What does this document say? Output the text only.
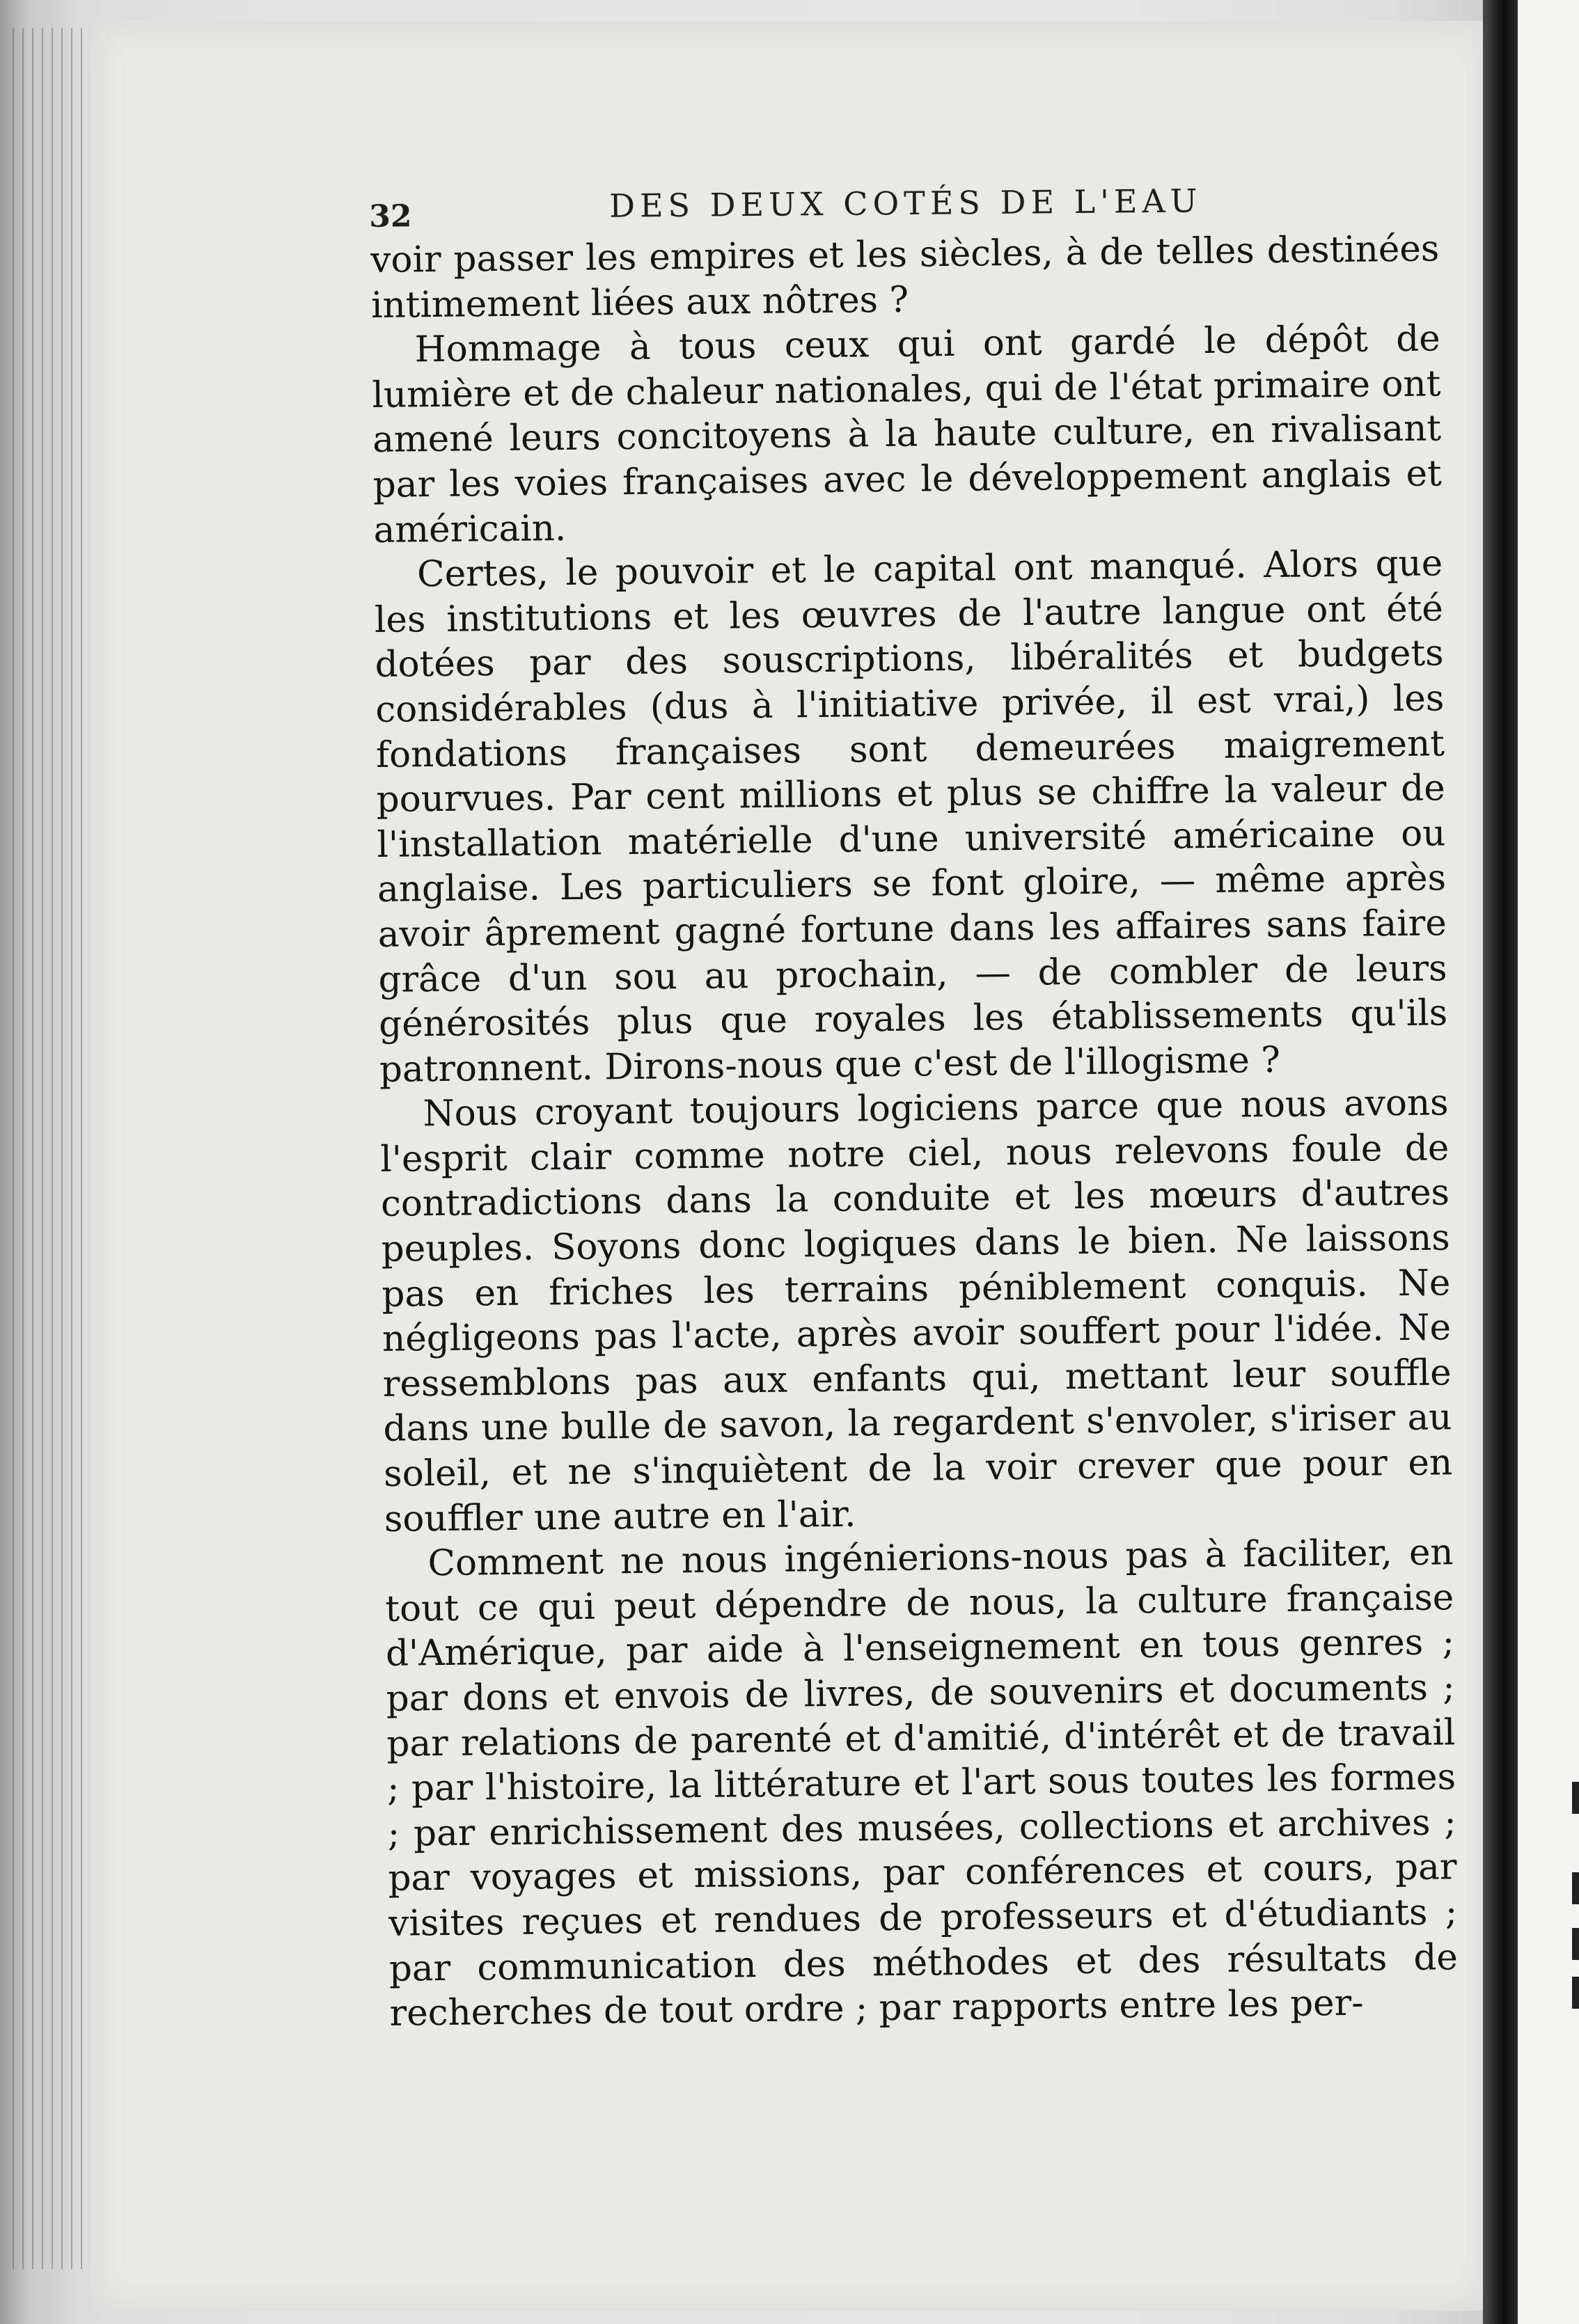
32	DES DEUX COTÉS DE L'EAU

voir passer les empires et les siècles, à de telles destinées intimement liées aux nôtres ?

Hommage à tous ceux qui ont gardé le dépôt de lumière et de chaleur nationales, qui de l'état primaire ont amené leurs concitoyens à la haute culture, en rivalisant par les voies françaises avec le développement anglais et américain.

Certes, le pouvoir et le capital ont manqué. Alors que les institutions et les œuvres de l'autre langue ont été dotées par des souscriptions, libéralités et budgets considérables (dus à l'initiative privée, il est vrai,) les fondations françaises sont demeurées maigrement pourvues. Par cent millions et plus se chiffre la valeur de l'installation matérielle d'une université américaine ou anglaise. Les particuliers se font gloire, — même après avoir âprement gagné fortune dans les affaires sans faire grâce d'un sou au prochain, — de combler de leurs générosités plus que royales les établissements qu'ils patronnent. Dirons-nous que c'est de l'illogisme ?

Nous croyant toujours logiciens parce que nous avons l'esprit clair comme notre ciel, nous relevons foule de contradictions dans la conduite et les mœurs d'autres peuples. Soyons donc logiques dans le bien. Ne laissons pas en friches les terrains péniblement conquis. Ne négligeons pas l'acte, après avoir souffert pour l'idée. Ne ressemblons pas aux enfants qui, mettant leur souffle dans une bulle de savon, la regardent s'envoler, s'iriser au soleil, et ne s'inquiètent de la voir crever que pour en souffler une autre en l'air.

Comment ne nous ingénierions-nous pas à faciliter, en tout ce qui peut dépendre de nous, la culture française d'Amérique, par aide à l'enseignement en tous genres ; par dons et envois de livres, de souvenirs et documents ; par relations de parenté et d'amitié, d'intérêt et de travail ; par l'histoire, la littérature et l'art sous toutes les formes ; par enrichissement des musées, collections et archives ; par voyages et missions, par conférences et cours, par visites reçues et rendues de professeurs et d'étudiants ; par communication des méthodes et des résultats de recherches de tout ordre ; par rapports entre les per-
